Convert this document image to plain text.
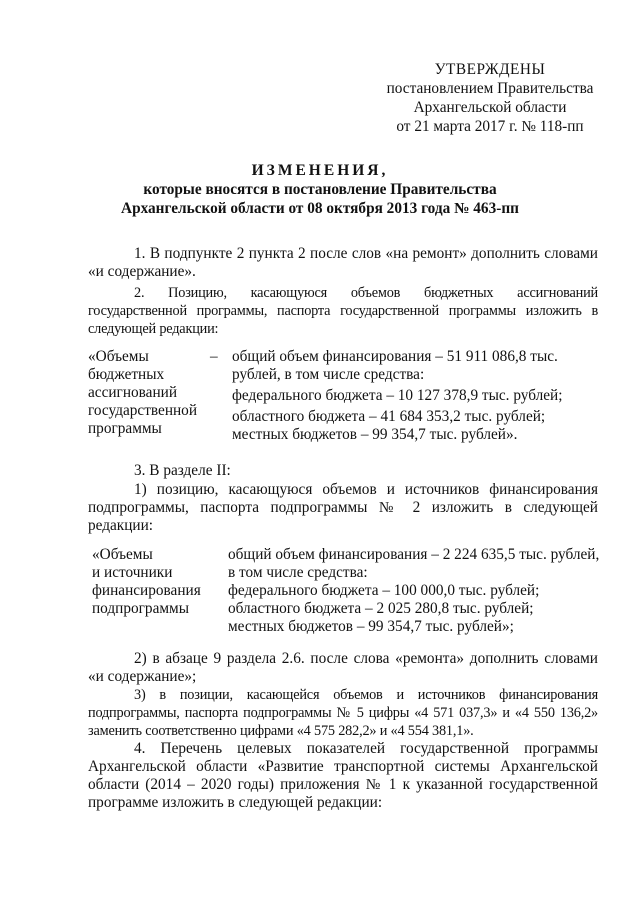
УТВЕРЖДЕНЫ
постановлением Правительства
Архангельской области
от 21 марта 2017 г. № 118-пп
ИЗМЕНЕНИЯ,
которые вносятся в постановление Правительства
Архангельской области от 08 октября 2013 года № 463-пп
1. В подпункте 2 пункта 2 после слов «на ремонт» дополнить словами «и содержание».
2. Позицию, касающуюся объемов бюджетных ассигнований государственной программы, паспорта государственной программы изложить в следующей редакции:
«Объемы
бюджетных
ассигнований
государственной
программы
– общий объем финансирования – 51 911 086,8 тыс.
рублей, в том числе средства:
федерального бюджета – 10 127 378,9 тыс. рублей;
областного бюджета – 41 684 353,2 тыс. рублей;
местных бюджетов – 99 354,7 тыс. рублей».
3. В разделе II:
1) позицию, касающуюся объемов и источников финансирования подпрограммы, паспорта подпрограммы № 2 изложить в следующей редакции:
«Объемы
и источники
финансирования
подпрограммы
общий объем финансирования – 2 224 635,5 тыс. рублей,
в том числе средства:
федерального бюджета – 100 000,0 тыс. рублей;
областного бюджета – 2 025 280,8 тыс. рублей;
местных бюджетов – 99 354,7 тыс. рублей»;
2) в абзаце 9 раздела 2.6. после слова «ремонта» дополнить словами «и содержание»;
3) в позиции, касающейся объемов и источников финансирования подпрограммы, паспорта подпрограммы № 5 цифры «4 571 037,3» и «4 550 136,2» заменить соответственно цифрами «4 575 282,2» и «4 554 381,1».
4. Перечень целевых показателей государственной программы Архангельской области «Развитие транспортной системы Архангельской области (2014 – 2020 годы) приложения № 1 к указанной государственной программе изложить в следующей редакции:
